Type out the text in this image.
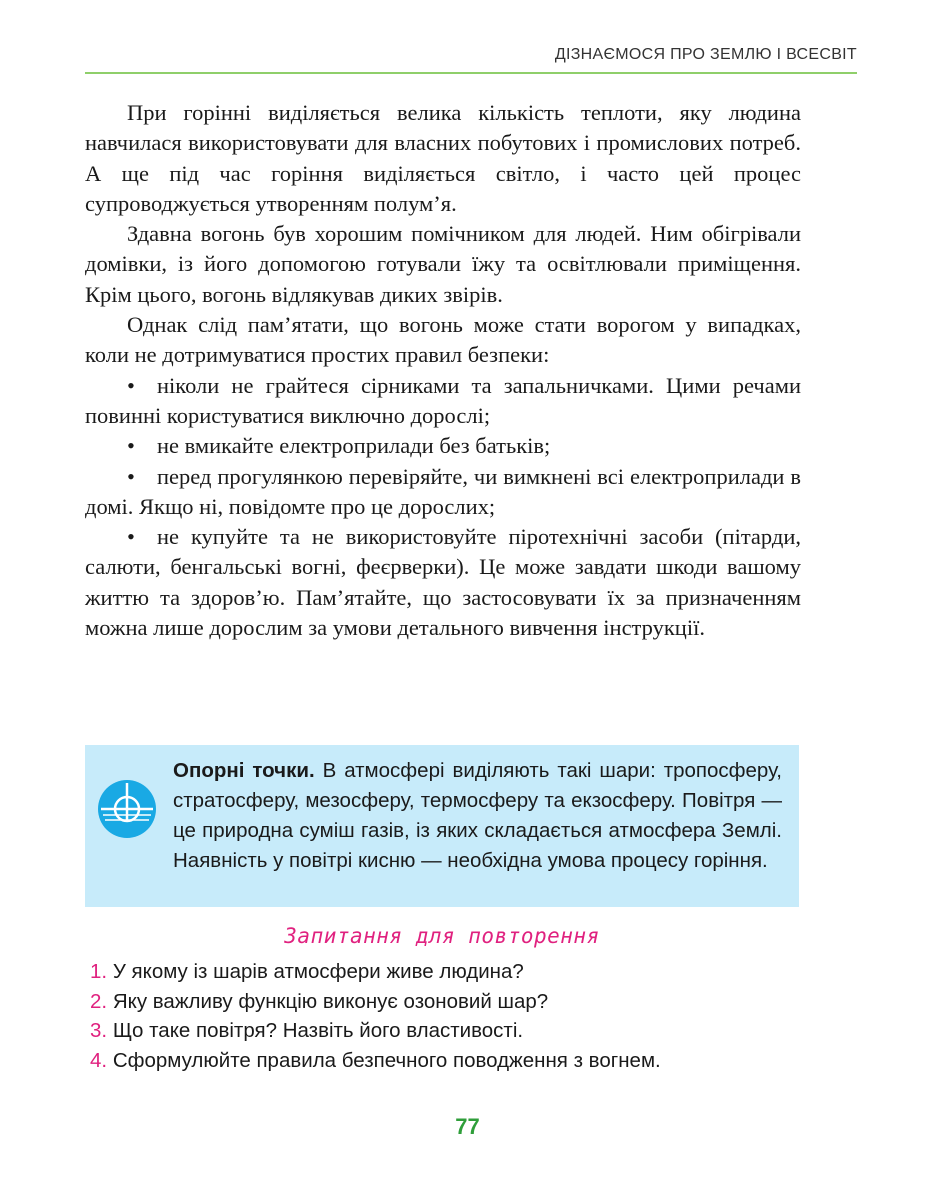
ДІЗНАЄМОСЯ ПРО ЗЕМЛЮ І ВСЕСВІТ

При горінні виділяється велика кількість теплоти, яку людина навчилася використовувати для власних побутових і промислових потреб. А ще під час горіння виділяється світло, і часто цей процес супроводжується утворенням полум’я.

Здавна вогонь був хорошим помічником для людей. Ним обігрівали домівки, із його допомогою готували їжу та освітлювали приміщення. Крім цього, вогонь відлякував диких звірів.

Однак слід пам’ятати, що вогонь може стати ворогом у випадках, коли не дотримуватися простих правил безпеки:

• ніколи не грайтеся сірниками та запальничками. Цими речами повинні користуватися виключно дорослі;

• не вмикайте електроприлади без батьків;

• перед прогулянкою перевіряйте, чи вимкнені всі електроприлади в домі. Якщо ні, повідомте про це дорослих;

• не купуйте та не використовуйте піротехнічні засоби (пітарди, салюти, бенгальські вогні, феєрверки). Це може завдати шкоди вашому життю та здоров’ю. Пам’ятайте, що застосовувати їх за призначенням можна лише дорослим за умови детального вивчення інструкції.

Опорні точки. В атмосфері виділяють такі шари: тропосферу, стратосферу, мезосферу, термосферу та екзосферу. Повітря — це природна суміш газів, із яких складається атмосфера Землі. Наявність у повітрі кисню — необхідна умова процесу горіння.
Запитання для повторення
1. У якому із шарів атмосфери живе людина?
2. Яку важливу функцію виконує озоновий шар?
3. Що таке повітря? Назвіть його властивості.
4. Сформулюйте правила безпечного поводження з вогнем.
77
